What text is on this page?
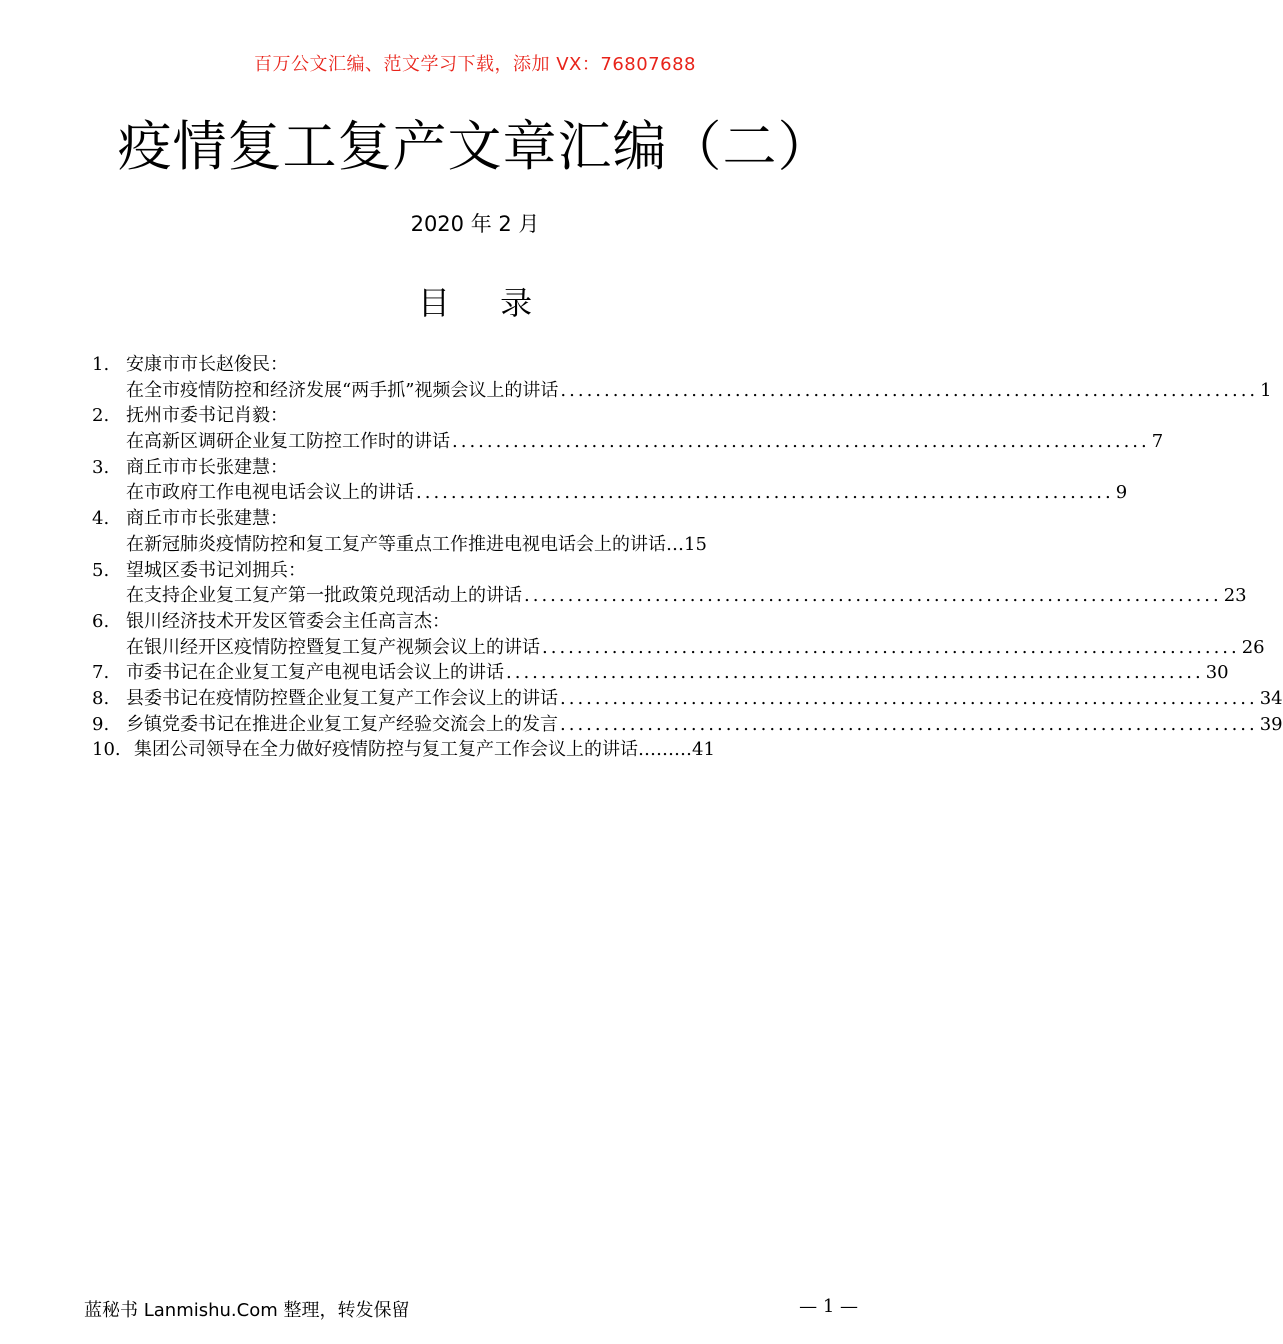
百万公文汇编、范文学习下载，添加 VX：76807688
疫情复工复产文章汇编（二）
2020 年 2 月
目 录
1. 安康市市长赵俊民：
在全市疫情防控和经济发展“两手抓”视频会议上的讲话 ................................................................................ 1
2. 抚州市委书记肖毅：
在高新区调研企业复工防控工作时的讲话 ................................................................................ 7
3. 商丘市市长张建慧：
在市政府工作电视电话会议上的讲话 ................................................................................ 9
4. 商丘市市长张建慧：
在新冠肺炎疫情防控和复工复产等重点工作推进电视电话会上的讲话… 15
5. 望城区委书记刘拥兵：
在支持企业复工复产第一批政策兑现活动上的讲话 ................................................................................ 23
6. 银川经济技术开发区管委会主任高言杰：
在银川经开区疫情防控暨复工复产视频会议上的讲话 ................................................................................ 26
7. 市委书记在企业复工复产电视电话会议上的讲话 ................................................................................ 30
8. 县委书记在疫情防控暨企业复工复产工作会议上的讲话 ................................................................................ 34
9. 乡镇党委书记在推进企业复工复产经验交流会上的发言 ................................................................................ 39
10. 集团公司领导在全力做好疫情防控与复工复产工作会议上的讲话……… 41
蓝秘书 Lanmishu.Com 整理，转发保留	— 1 —
